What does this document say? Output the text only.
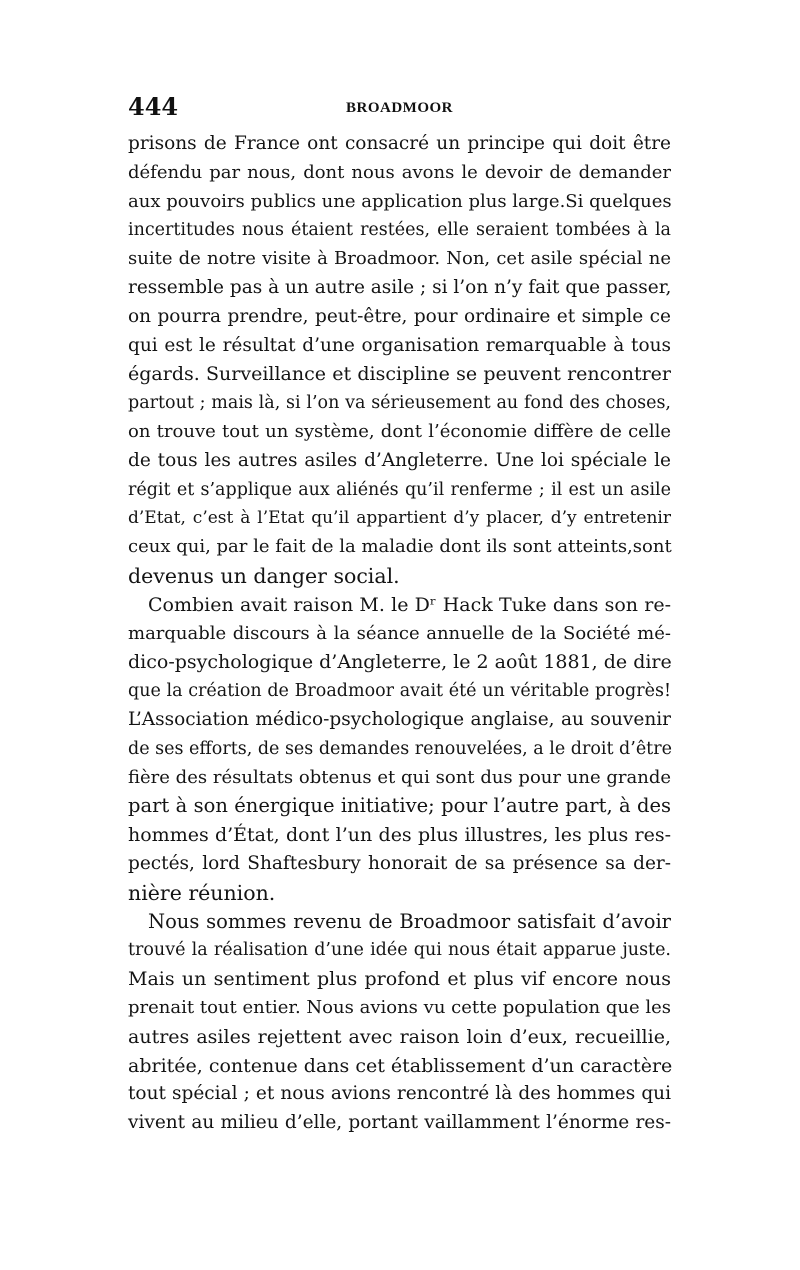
444	BROADMOOR
prisons de France ont consacré un principe qui doit être
défendu par nous, dont nous avons le devoir de demander
aux pouvoirs publics une application plus large.Si quelques
incertitudes nous étaient restées, elle seraient tombées à la
suite de notre visite à Broadmoor. Non, cet asile spécial ne
ressemble pas à un autre asile ; si l’on n’y fait que passer,
on pourra prendre, peut-être, pour ordinaire et simple ce
qui est le résultat d’une organisation remarquable à tous
égards. Surveillance et discipline se peuvent rencontrer
partout ; mais là, si l’on va sérieusement au fond des choses,
on trouve tout un système, dont l’économie diffère de celle
de tous les autres asiles d’Angleterre. Une loi spéciale le
régit et s’applique aux aliénés qu’il renferme ; il est un asile
d’Etat, c’est à l’Etat qu’il appartient d’y placer, d’y entretenir
ceux qui, par le fait de la maladie dont ils sont atteints,sont
devenus un danger social.
Combien avait raison M. le Dʳ Hack Tuke dans son re-
marquable discours à la séance annuelle de la Société mé-
dico-psychologique d’Angleterre, le 2 août 1881, de dire
que la création de Broadmoor avait été un véritable progrès!
L’Association médico-psychologique anglaise, au souvenir
de ses efforts, de ses demandes renouvelées, a le droit d’être
fière des résultats obtenus et qui sont dus pour une grande
part à son énergique initiative; pour l’autre part, à des
hommes d’État, dont l’un des plus illustres, les plus res-
pectés, lord Shaftesbury honorait de sa présence sa der-
nière réunion.
Nous sommes revenu de Broadmoor satisfait d’avoir
trouvé la réalisation d’une idée qui nous était apparue juste.
Mais un sentiment plus profond et plus vif encore nous
prenait tout entier. Nous avions vu cette population que les
autres asiles rejettent avec raison loin d’eux, recueillie,
abritée, contenue dans cet établissement d’un caractère
tout spécial ; et nous avions rencontré là des hommes qui
vivent au milieu d’elle, portant vaillamment l’énorme res-
